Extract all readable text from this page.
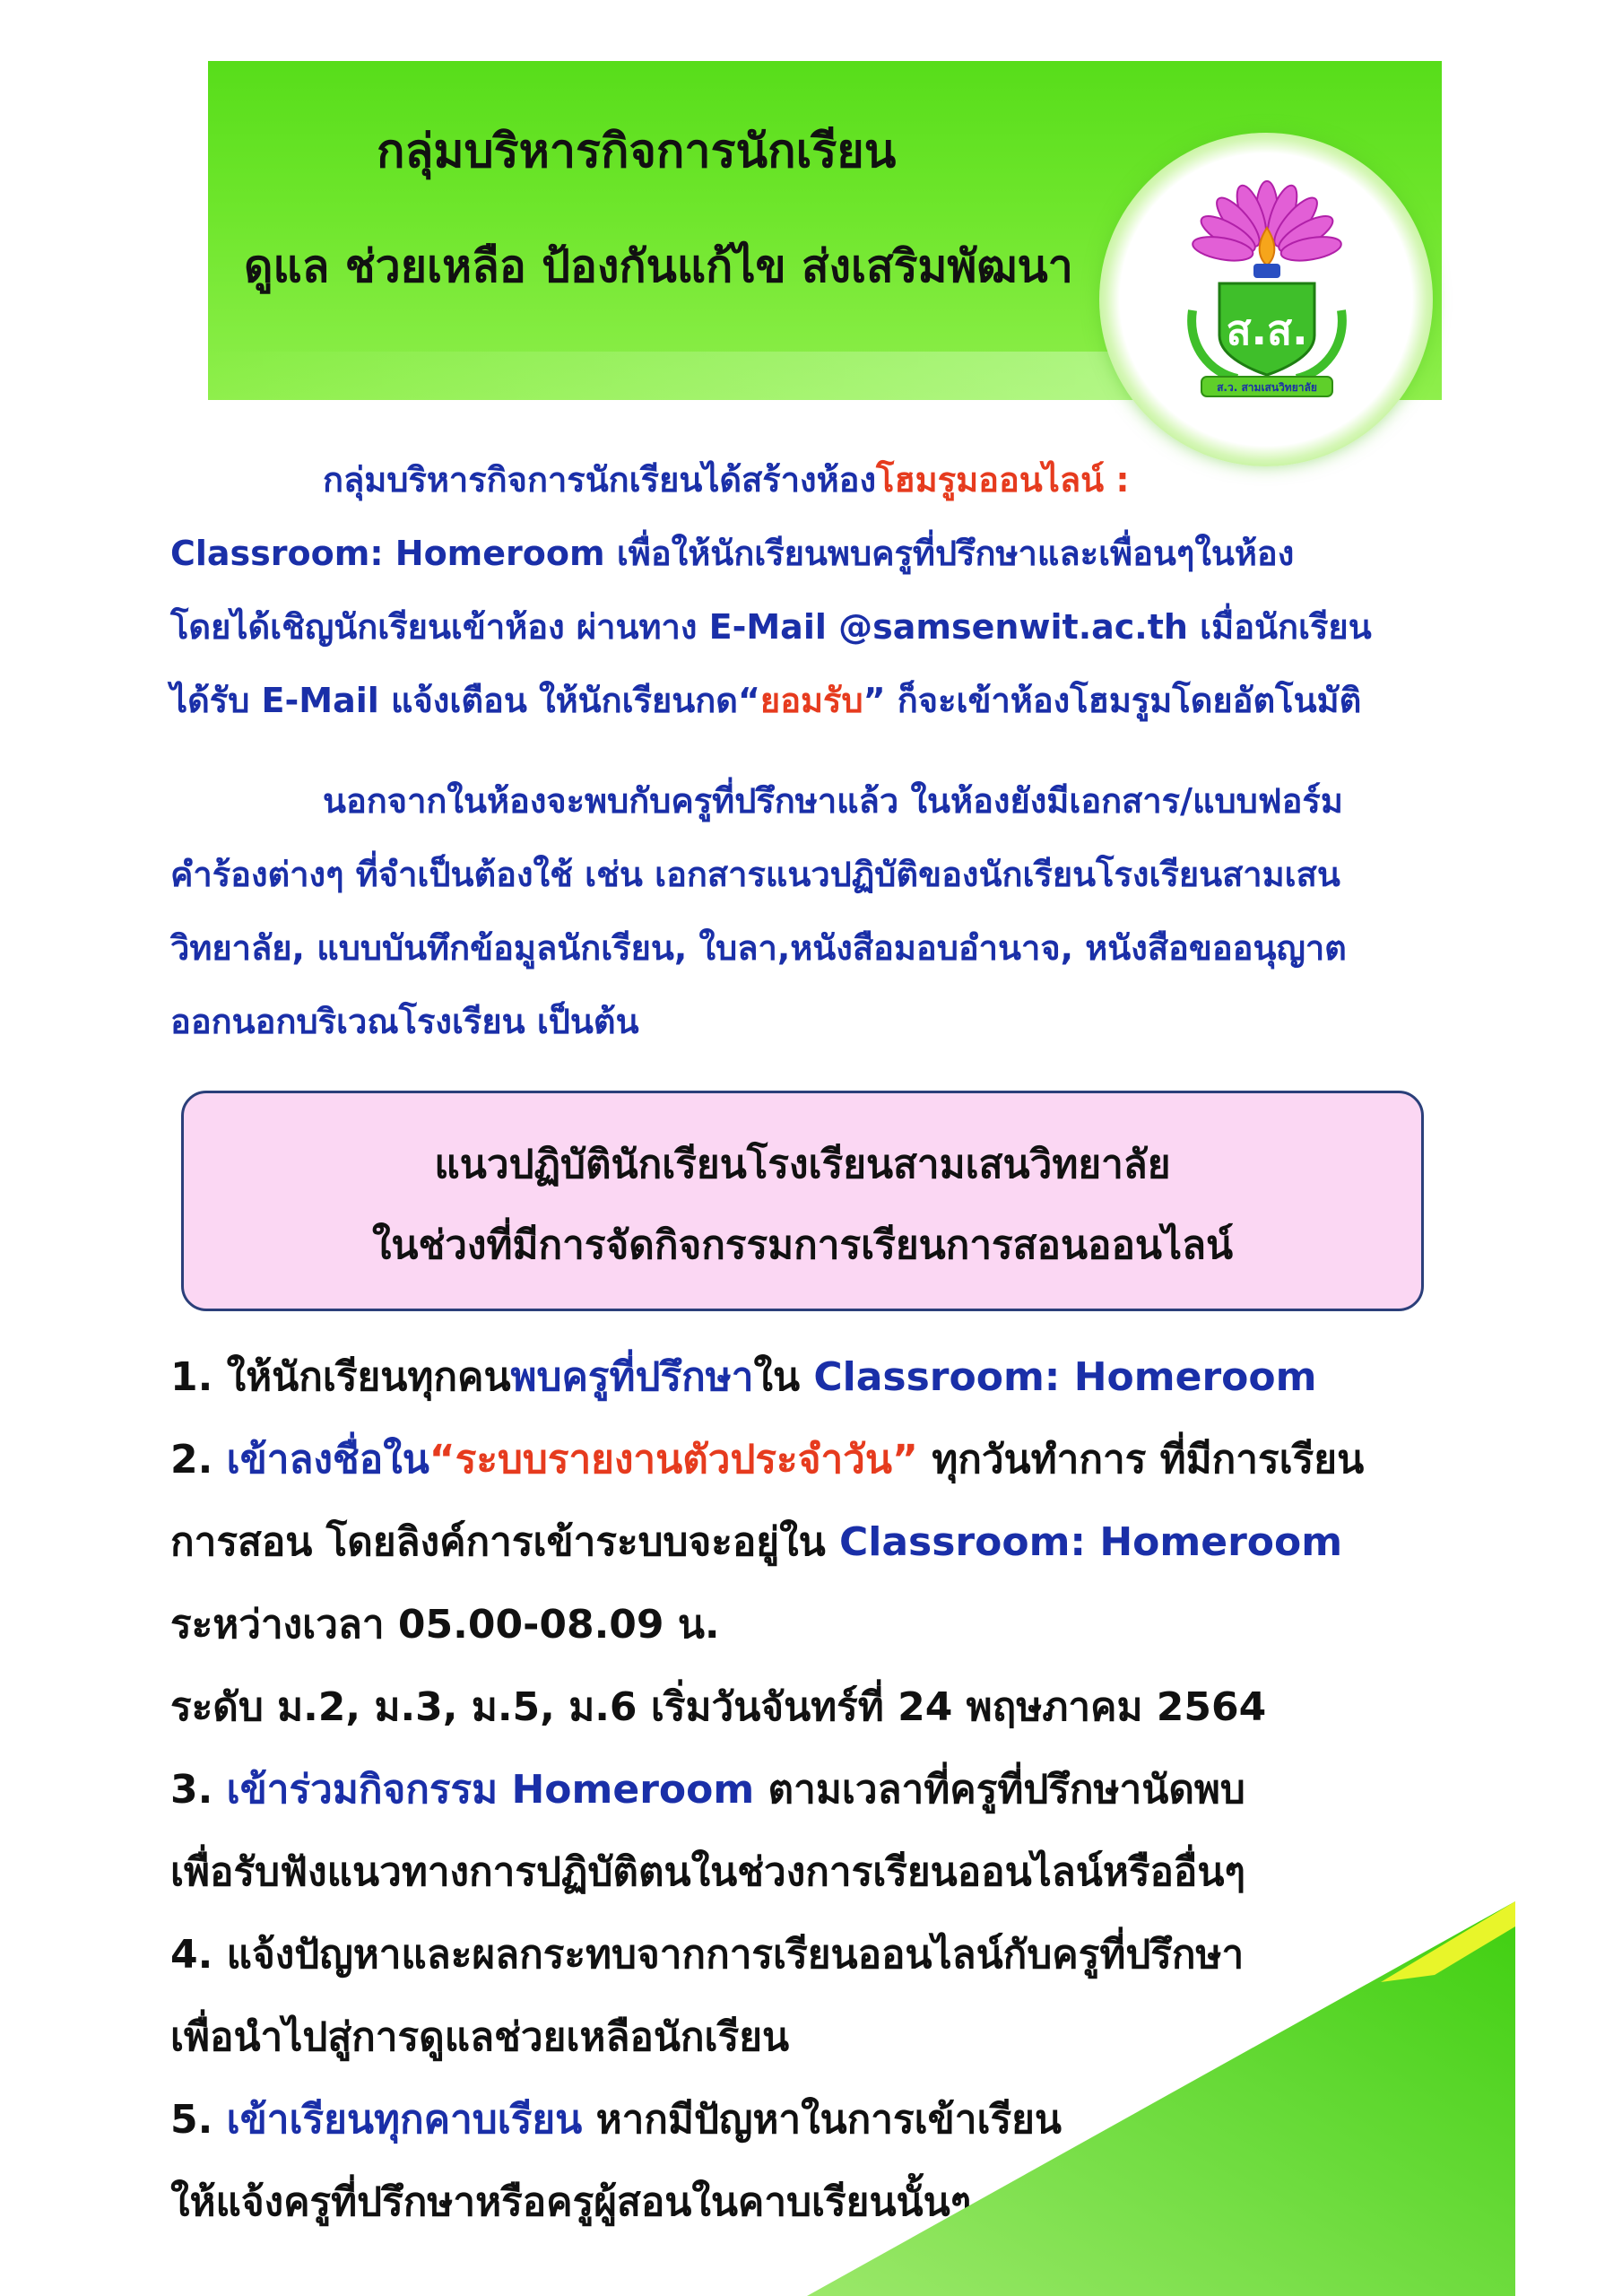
กลุ่มบริหารกิจการนักเรียน
ดูแล ช่วยเหลือ ป้องกันแก้ไข ส่งเสริมพัฒนา
ส.ส.
ส.ว. สามเสนวิทยาลัย
กลุ่มบริหารกิจการนักเรียนได้สร้างห้องโฮมรูมออนไลน์ :
Classroom: Homeroom เพื่อให้นักเรียนพบครูที่ปรึกษาและเพื่อนๆในห้อง
โดยได้เชิญนักเรียนเข้าห้อง ผ่านทาง E-Mail @samsenwit.ac.th เมื่อนักเรียน
ได้รับ E-Mail แจ้งเตือน ให้นักเรียนกด“ยอมรับ” ก็จะเข้าห้องโฮมรูมโดยอัตโนมัติ
นอกจากในห้องจะพบกับครูที่ปรึกษาแล้ว ในห้องยังมีเอกสาร/แบบฟอร์ม
คำร้องต่างๆ ที่จำเป็นต้องใช้ เช่น เอกสารแนวปฏิบัติของนักเรียนโรงเรียนสามเสน
วิทยาลัย, แบบบันทึกข้อมูลนักเรียน, ใบลา,หนังสือมอบอำนาจ, หนังสือขออนุญาต
ออกนอกบริเวณโรงเรียน เป็นต้น
แนวปฏิบัตินักเรียนโรงเรียนสามเสนวิทยาลัย
ในช่วงที่มีการจัดกิจกรรมการเรียนการสอนออนไลน์
1. ให้นักเรียนทุกคนพบครูที่ปรึกษาใน Classroom: Homeroom
2. เข้าลงชื่อใน“ระบบรายงานตัวประจำวัน” ทุกวันทำการ ที่มีการเรียน
การสอน โดยลิงค์การเข้าระบบจะอยู่ใน Classroom: Homeroom
ระหว่างเวลา 05.00-08.09 น.
ระดับ ม.2, ม.3, ม.5, ม.6 เริ่มวันจันทร์ที่ 24 พฤษภาคม 2564
3. เข้าร่วมกิจกรรม Homeroom ตามเวลาที่ครูที่ปรึกษานัดพบ
เพื่อรับฟังแนวทางการปฏิบัติตนในช่วงการเรียนออนไลน์หรืออื่นๆ
4. แจ้งปัญหาและผลกระทบจากการเรียนออนไลน์กับครูที่ปรึกษา
เพื่อนำไปสู่การดูแลช่วยเหลือนักเรียน
5. เข้าเรียนทุกคาบเรียน หากมีปัญหาในการเข้าเรียน
ให้แจ้งครูที่ปรึกษาหรือครูผู้สอนในคาบเรียนนั้นๆ
